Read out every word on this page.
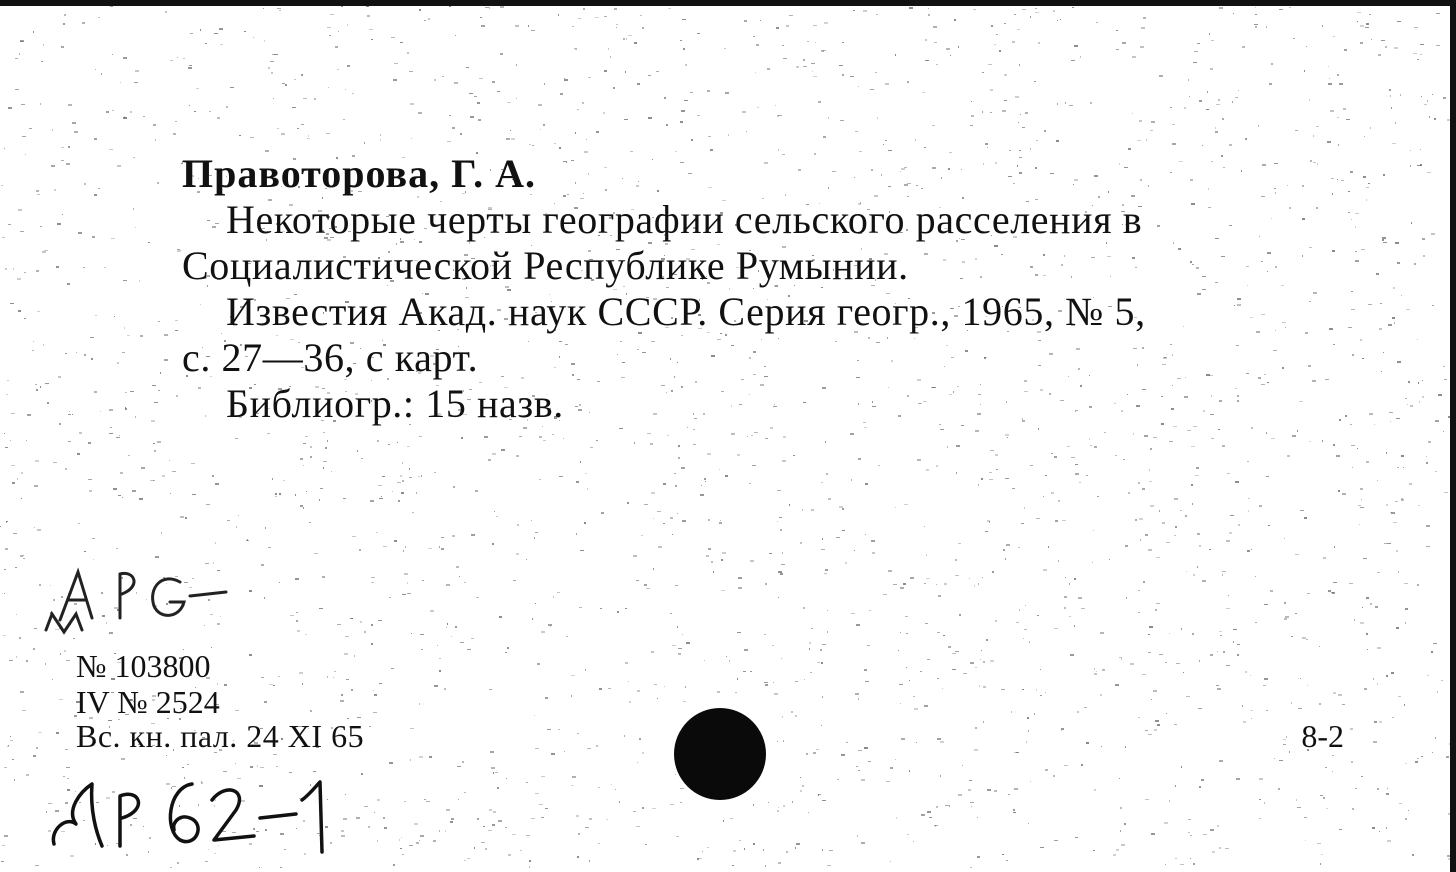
Правоторова, Г. А.
Некоторые черты географии сельского расселения в
Социалистической Республике Румынии.
Известия Акад. наук СССР. Серия геогр., 1965, № 5,
с. 27—36, с карт.
Библиогр.: 15 назв.
№ 103800
IV № 2524
Вс. кн. пал. 24 XI 65	8-2
